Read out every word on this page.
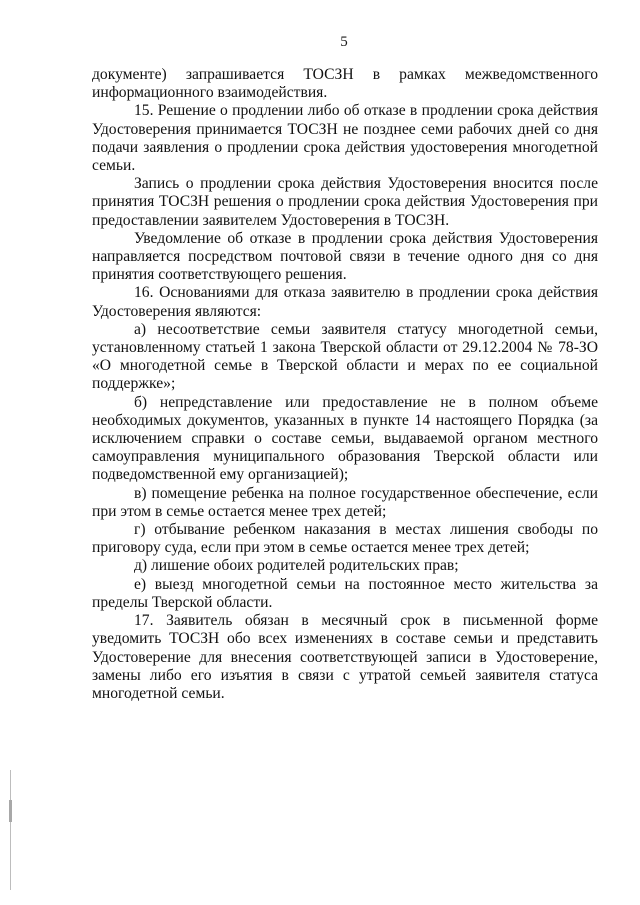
5

документе) запрашивается ТОСЗН в рамках межведомственного информационного взаимодействия.

15. Решение о продлении либо об отказе в продлении срока действия Удостоверения принимается ТОСЗН не позднее семи рабочих дней со дня подачи заявления о продлении срока действия удостоверения многодетной семьи.

Запись о продлении срока действия Удостоверения вносится после принятия ТОСЗН решения о продлении срока действия Удостоверения при предоставлении заявителем Удостоверения в ТОСЗН.

Уведомление об отказе в продлении срока действия Удостоверения направляется посредством почтовой связи в течение одного дня со дня принятия соответствующего решения.

16. Основаниями для отказа заявителю в продлении срока действия Удостоверения являются:

а) несоответствие семьи заявителя статусу многодетной семьи, установленному статьей 1 закона Тверской области от 29.12.2004 № 78-ЗО «О многодетной семье в Тверской области и мерах по ее социальной поддержке»;

б) непредставление или предоставление не в полном объеме необходимых документов, указанных в пункте 14 настоящего Порядка (за исключением справки о составе семьи, выдаваемой органом местного самоуправления муниципального образования Тверской области или подведомственной ему организацией);

в) помещение ребенка на полное государственное обеспечение, если при этом в семье остается менее трех детей;

г) отбывание ребенком наказания в местах лишения свободы по приговору суда, если при этом в семье остается менее трех детей;

д) лишение обоих родителей родительских прав;

е) выезд многодетной семьи на постоянное место жительства за пределы Тверской области.

17. Заявитель обязан в месячный срок в письменной форме уведомить ТОСЗН обо всех изменениях в составе семьи и представить Удостоверение для внесения соответствующей записи в Удостоверение, замены либо его изъятия в связи с утратой семьей заявителя статуса многодетной семьи.
